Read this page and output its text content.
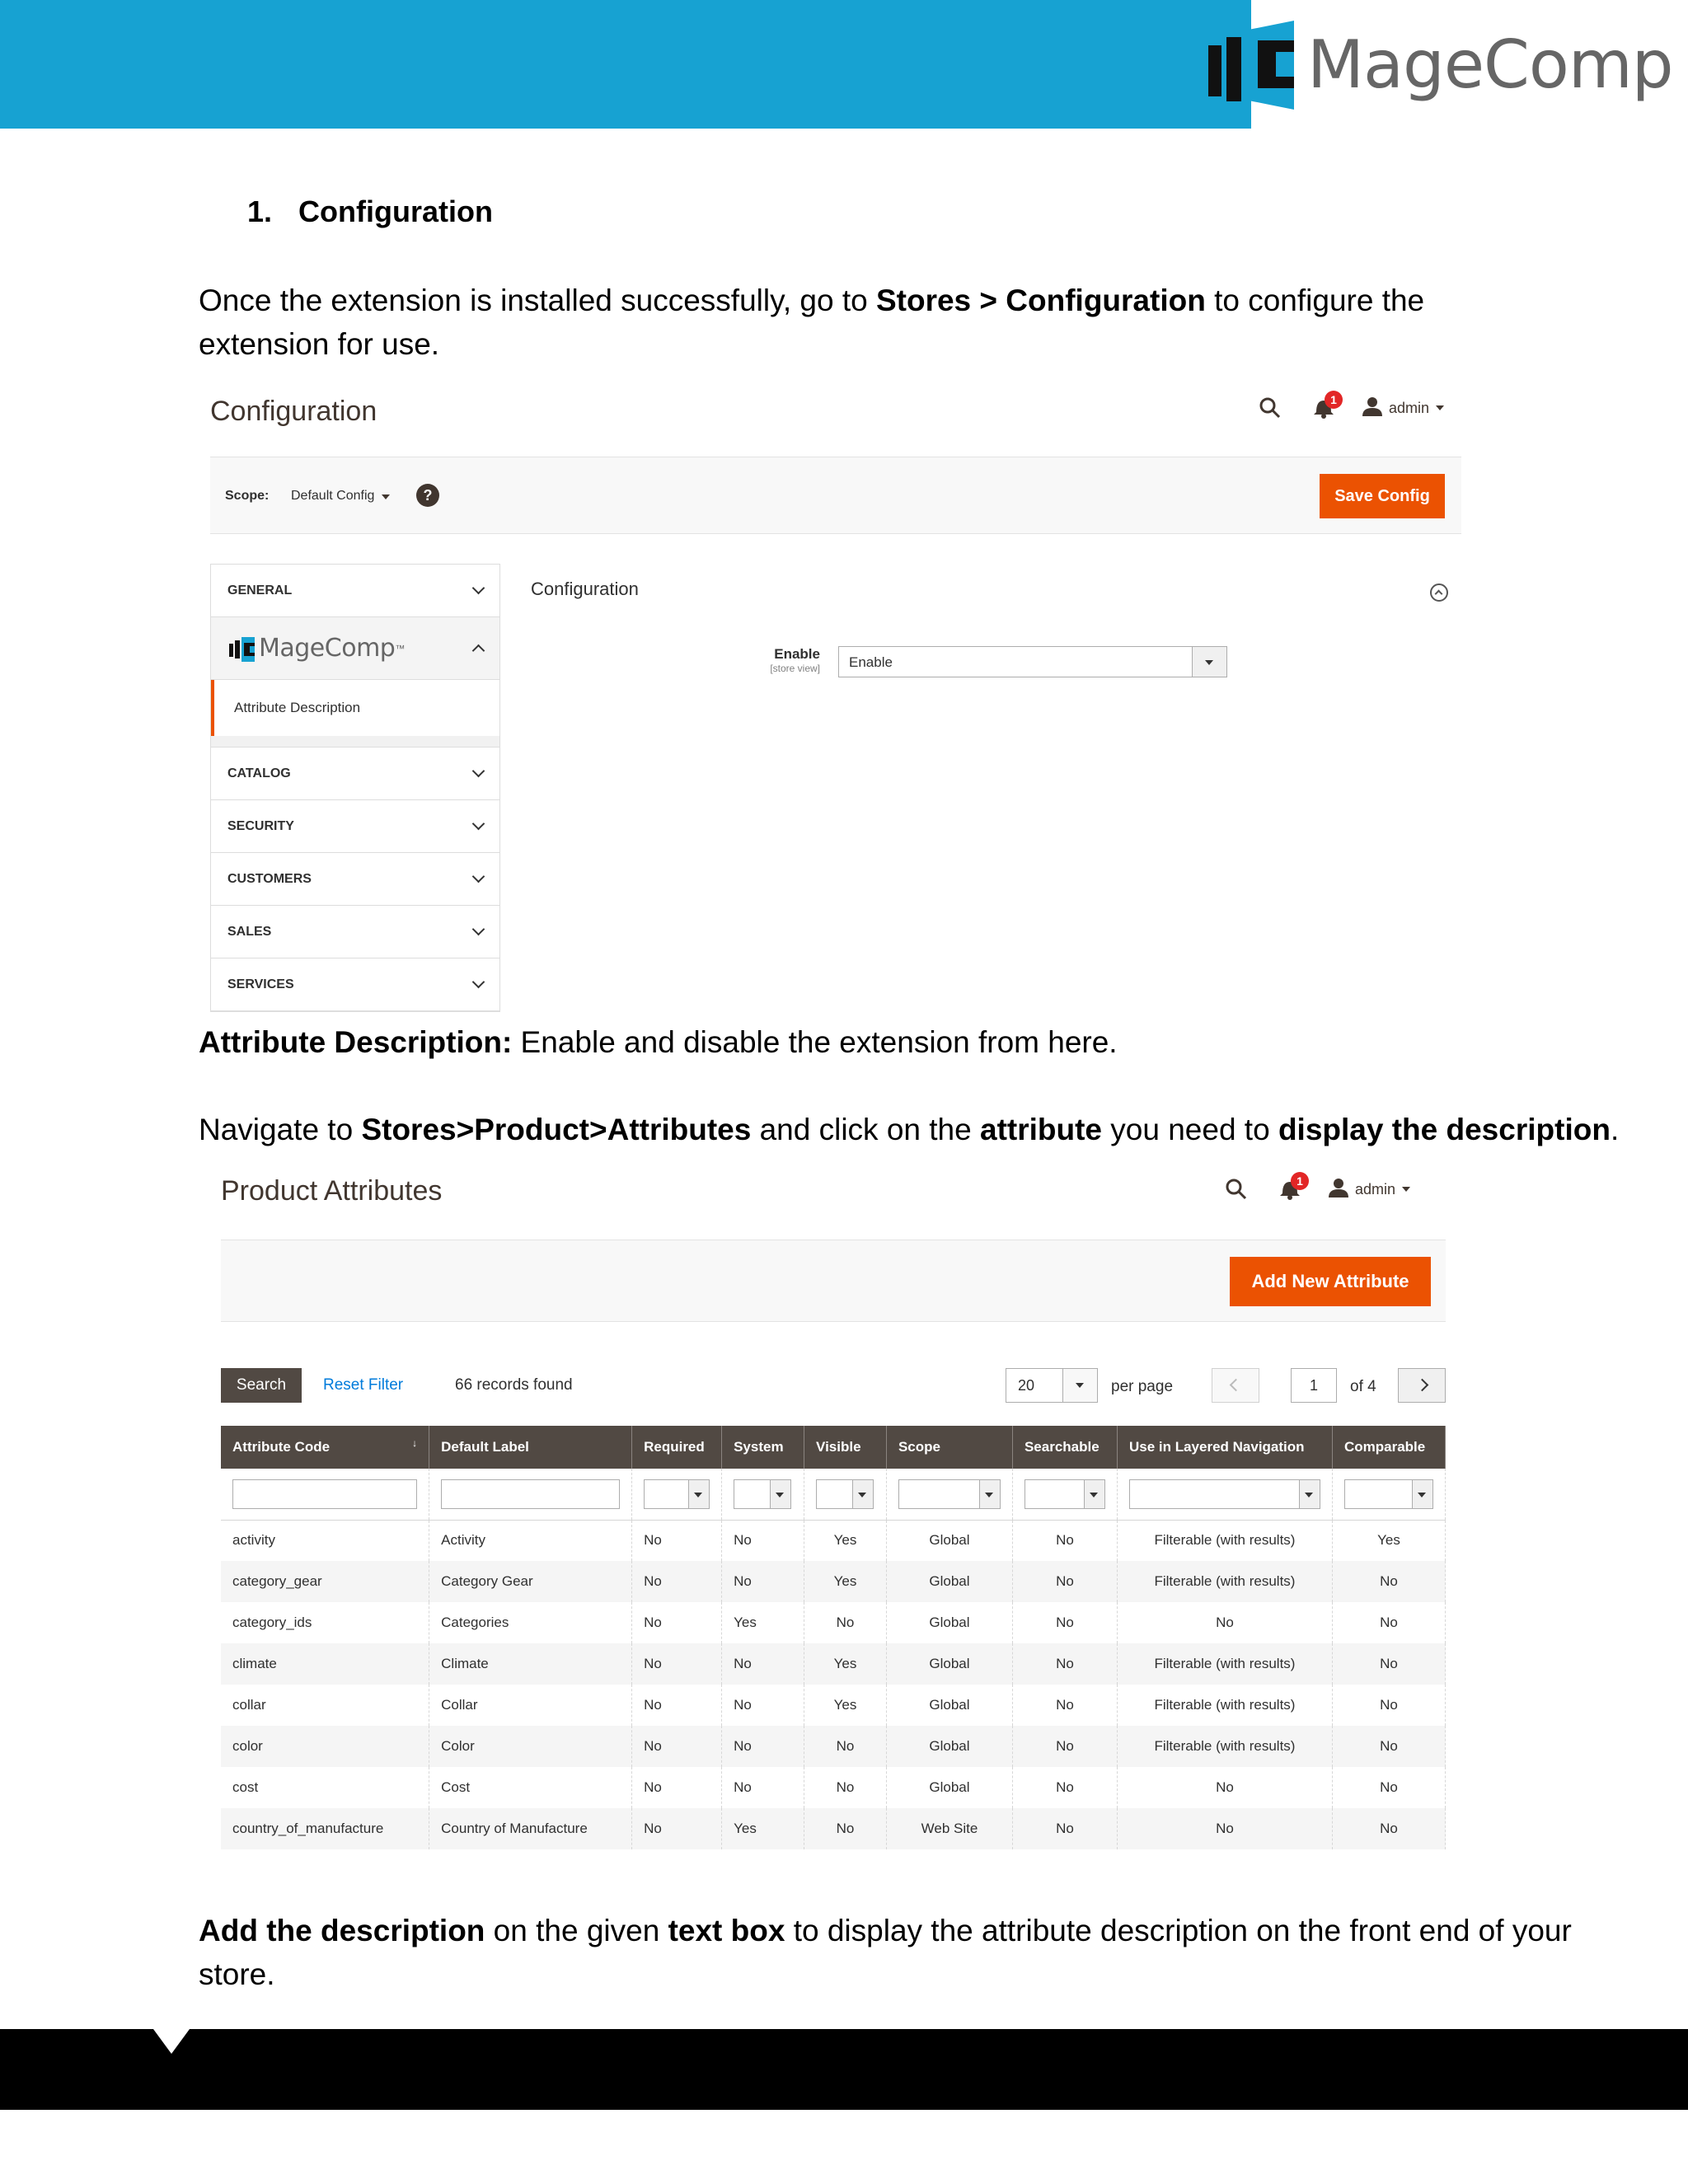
MageComp
1. Configuration

Once the extension is installed successfully, go to Stores > Configuration to configure the extension for use.

Configuration	1	admin
Scope: Default Config	?	Save Config
GENERAL
MageComp ™
Attribute Description
CATALOG
SECURITY
CUSTOMERS
SALES
SERVICES
Configuration
Enable
[store view] Enable

Attribute Description: Enable and disable the extension from here.

Navigate to Stores>Product>Attributes and click on the attribute you need to display the description.

Product Attributes	1	admin
Add New Attribute
Search	Reset Filter	66 records found	20	per page	1	of 4
Attribute Code ↓	Default Label	Required	System	Visible	Scope	Searchable	Use in Layered Navigation	Comparable

activity	Activity	No	No	Yes	Global	No	Filterable (with results)	Yes
category_gear	Category Gear	No	No	Yes	Global	No	Filterable (with results)	No
category_ids	Categories	No	Yes	No	Global	No	No	No
climate	Climate	No	No	Yes	Global	No	Filterable (with results)	No
collar	Collar	No	No	Yes	Global	No	Filterable (with results)	No
color	Color	No	No	No	Global	No	Filterable (with results)	No
cost	Cost	No	No	No	Global	No	No	No
country_of_manufacture	Country of Manufacture	No	Yes	No	Web Site	No	No	No

Add the description on the given text box to display the attribute description on the front end of your store.
